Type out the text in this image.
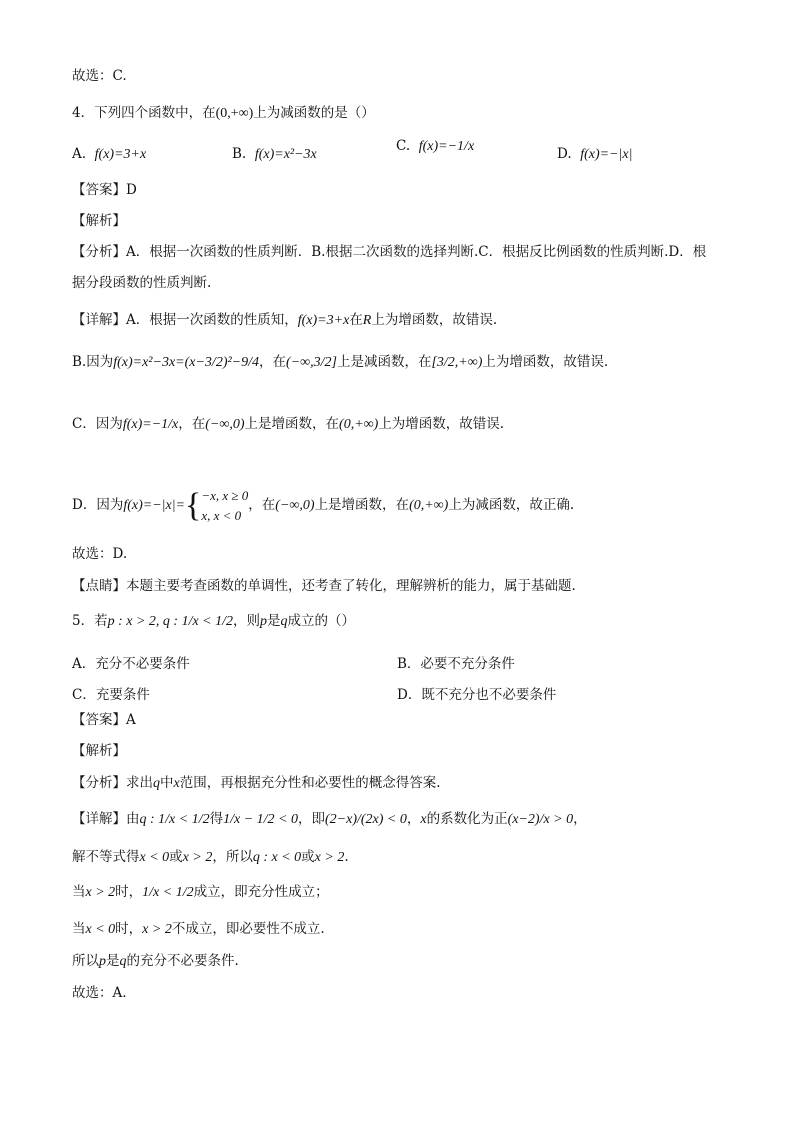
故选：C.
4．下列四个函数中，在(0,+∞)上为减函数的是（）
A. f(x)=3+x	B. f(x)=x²−3x
C. f(x)=−1/x	D. f(x)=−|x|
【答案】D
【解析】
【分析】A．根据一次函数的性质判断．B.根据二次函数的选择判断.C．根据反比例函数的性质判断.D．根
据分段函数的性质判断.
【详解】A．根据一次函数的性质知，f(x)=3+x在R上为增函数，故错误.
B.因为f(x)=x²−3x=(x−3/2)²−9/4，在(−∞,3/2]上是减函数，在[3/2,+∞)上为增函数，故错误.
C．因为f(x)=−1/x，在(−∞,0)上是增函数，在(0,+∞)上为增函数，故错误.
D．因为f(x)=−|x|={ −x, x ≥ 0
x, x < 0
，在(−∞,0)上是增函数，在(0,+∞)上为减函数，故正确.
故选：D.
【点睛】本题主要考查函数的单调性，还考查了转化，理解辨析的能力，属于基础题.
5．若p : x > 2, q : 1/x < 1/2，则p是q成立的（）
A．充分不必要条件	B．必要不充分条件
C．充要条件	D．既不充分也不必要条件
【答案】A
【解析】
【分析】求出q中x范围，再根据充分性和必要性的概念得答案.
【详解】由q : 1/x < 1/2得1/x − 1/2 < 0，即(2−x)/(2x) < 0，x的系数化为正(x−2)/x > 0，
解不等式得x < 0或x > 2，所以q : x < 0或x > 2.
当x > 2时，1/x < 1/2成立，即充分性成立；
当x < 0时，x > 2不成立，即必要性不成立.
所以p是q的充分不必要条件.
故选：A.
